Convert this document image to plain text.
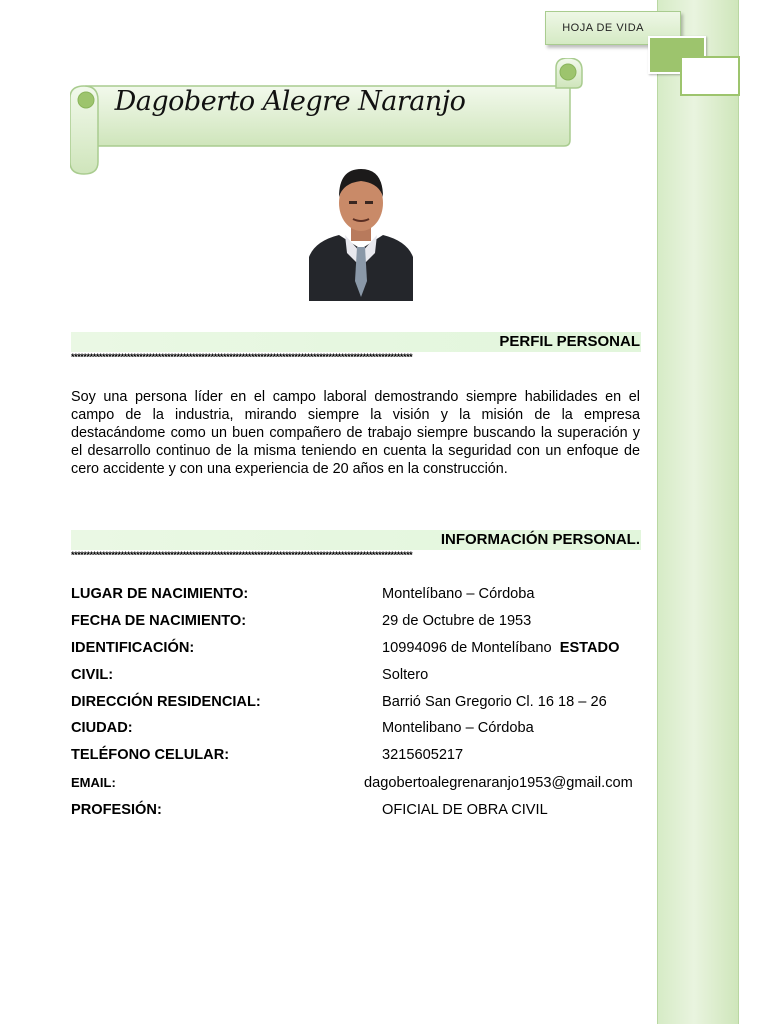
HOJA DE VIDA
Dagoberto Alegre Naranjo
PERFIL PERSONAL
**************************************************************************************************************
Soy una persona líder en el campo laboral demostrando siempre habilidades en el campo de la industria, mirando siempre la visión y la misión de la empresa destacándome como un buen compañero de trabajo siempre buscando la superación y el desarrollo continuo de la misma teniendo en cuenta la seguridad con un enfoque de cero accidente y con una experiencia de 20 años en la construcción.
INFORMACIÓN PERSONAL.
**************************************************************************************************************
LUGAR DE NACIMIENTO:	Montelíbano – Córdoba
FECHA DE NACIMIENTO:	29 de Octubre de 1953
IDENTIFICACIÓN:	10994096 de Montelíbano ESTADO
CIVIL:	Soltero
DIRECCIÓN RESIDENCIAL:	Barrió San Gregorio Cl. 16 18 – 26
CIUDAD:	Montelibano – Córdoba
TELÉFONO CELULAR:	3215605217
EMAIL:	dagobertoalegrenaranjo1953@gmail.com
PROFESIÓN:	OFICIAL DE OBRA CIVIL
